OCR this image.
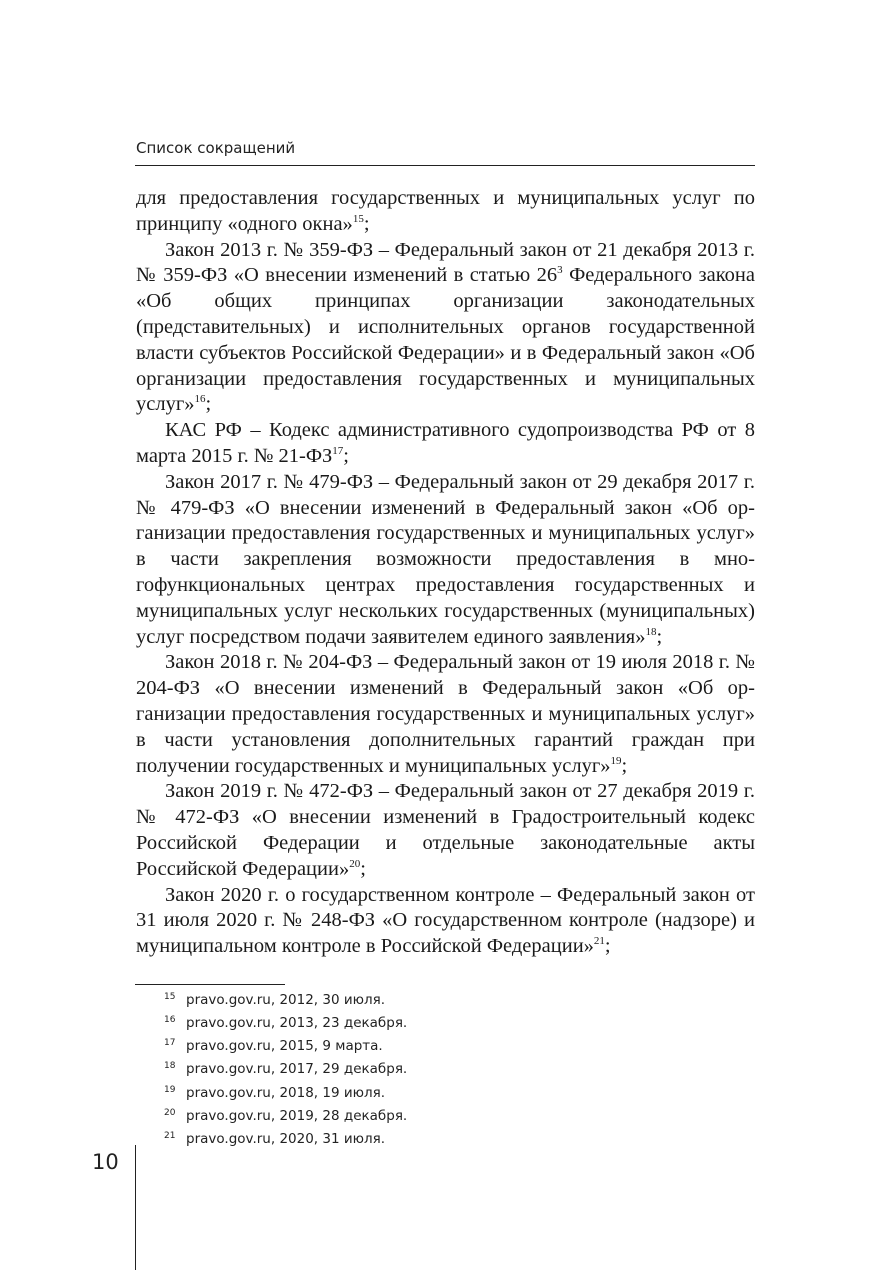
Список сокращений

для предоставления государственных и муниципальных услуг по принципу «одного окна»$^{15}$;

Закон 2013 г. № 359-ФЗ – Федеральный закон от 21 декабря 2013 г. № 359-ФЗ «О внесении изменений в статью $26^3$ Федерального закона «Об общих принципах организации законодательных (представительных) и исполнительных органов государственной власти субъектов Российской Федерации» и в Федеральный закон «Об организации предоставления государственных и муниципальных услуг»$^{16}$;

КАС РФ – Кодекс административного судопроизводства РФ от 8 марта 2015 г. № 21-ФЗ$^{17}$;

Закон 2017 г. № 479-ФЗ – Федеральный закон от 29 декабря 2017 г. № 479-ФЗ «О внесении изменений в Федеральный закон «Об организации предоставления государственных и муниципальных услуг» в части закрепления возможности предоставления в многофункциональных центрах предоставления государственных и муниципальных услуг нескольких государственных (муниципальных) услуг посредством подачи заявителем единого заявления»$^{18}$;

Закон 2018 г. № 204-ФЗ – Федеральный закон от 19 июля 2018 г. № 204-ФЗ «О внесении изменений в Федеральный закон «Об организации предоставления государственных и муниципальных услуг» в части установления дополнительных гарантий граждан при получении государственных и муниципальных услуг»$^{19}$;

Закон 2019 г. № 472-ФЗ – Федеральный закон от 27 декабря 2019 г. № 472-ФЗ «О внесении изменений в Градостроительный кодекс Российской Федерации и отдельные законодательные акты Российской Федерации»$^{20}$;

Закон 2020 г. о государственном контроле – Федеральный закон от 31 июля 2020 г. № 248-ФЗ «О государственном контроле (надзоре) и муниципальном контроле в Российской Федерации»$^{21}$;

15 pravo.gov.ru, 2012, 30 июля.
16 pravo.gov.ru, 2013, 23 декабря.
17 pravo.gov.ru, 2015, 9 марта.
18 pravo.gov.ru, 2017, 29 декабря.
19 pravo.gov.ru, 2018, 19 июля.
20 pravo.gov.ru, 2019, 28 декабря.
21 pravo.gov.ru, 2020, 31 июля.
10
